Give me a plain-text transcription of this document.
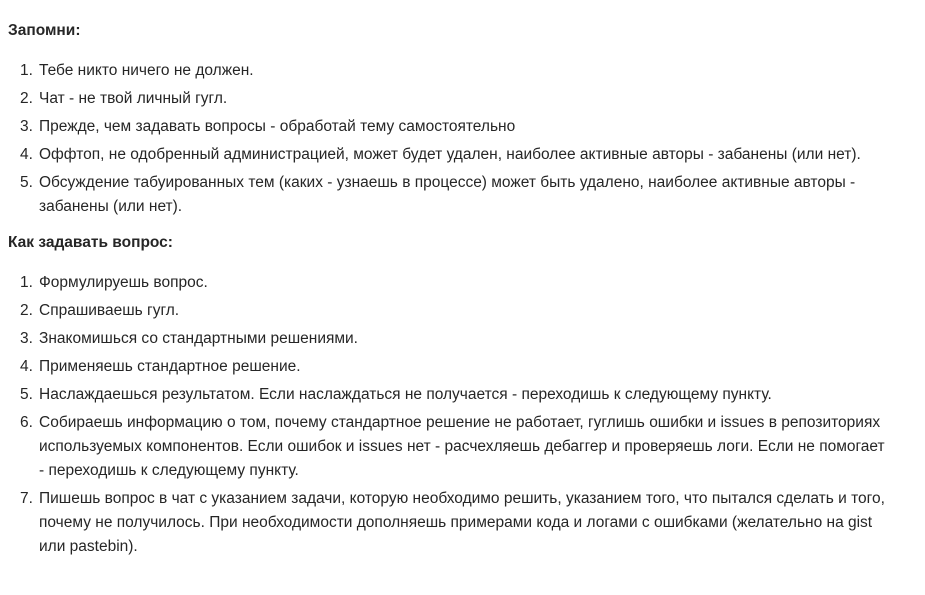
Запомни:
1. Тебе никто ничего не должен.
2. Чат - не твой личный гугл.
3. Прежде, чем задавать вопросы - обработай тему самостоятельно
4. Оффтоп, не одобренный администрацией, может будет удален, наиболее активные авторы - забанены (или нет).
5. Обсуждение табуированных тем (каких - узнаешь в процессе) может быть удалено, наиболее активные авторы - забанены (или нет).
Как задавать вопрос:
1. Формулируешь вопрос.
2. Спрашиваешь гугл.
3. Знакомишься со стандартными решениями.
4. Применяешь стандартное решение.
5. Наслаждаешься результатом. Если наслаждаться не получается - переходишь к следующему пункту.
6. Собираешь информацию о том, почему стандартное решение не работает, гуглишь ошибки и issues в репозиториях используемых компонентов. Если ошибок и issues нет - расчехляешь дебаггер и проверяешь логи. Если не помогает - переходишь к следующему пункту.
7. Пишешь вопрос в чат с указанием задачи, которую необходимо решить, указанием того, что пытался сделать и того, почему не получилось. При необходимости дополняешь примерами кода и логами с ошибками (желательно на gist или pastebin).
